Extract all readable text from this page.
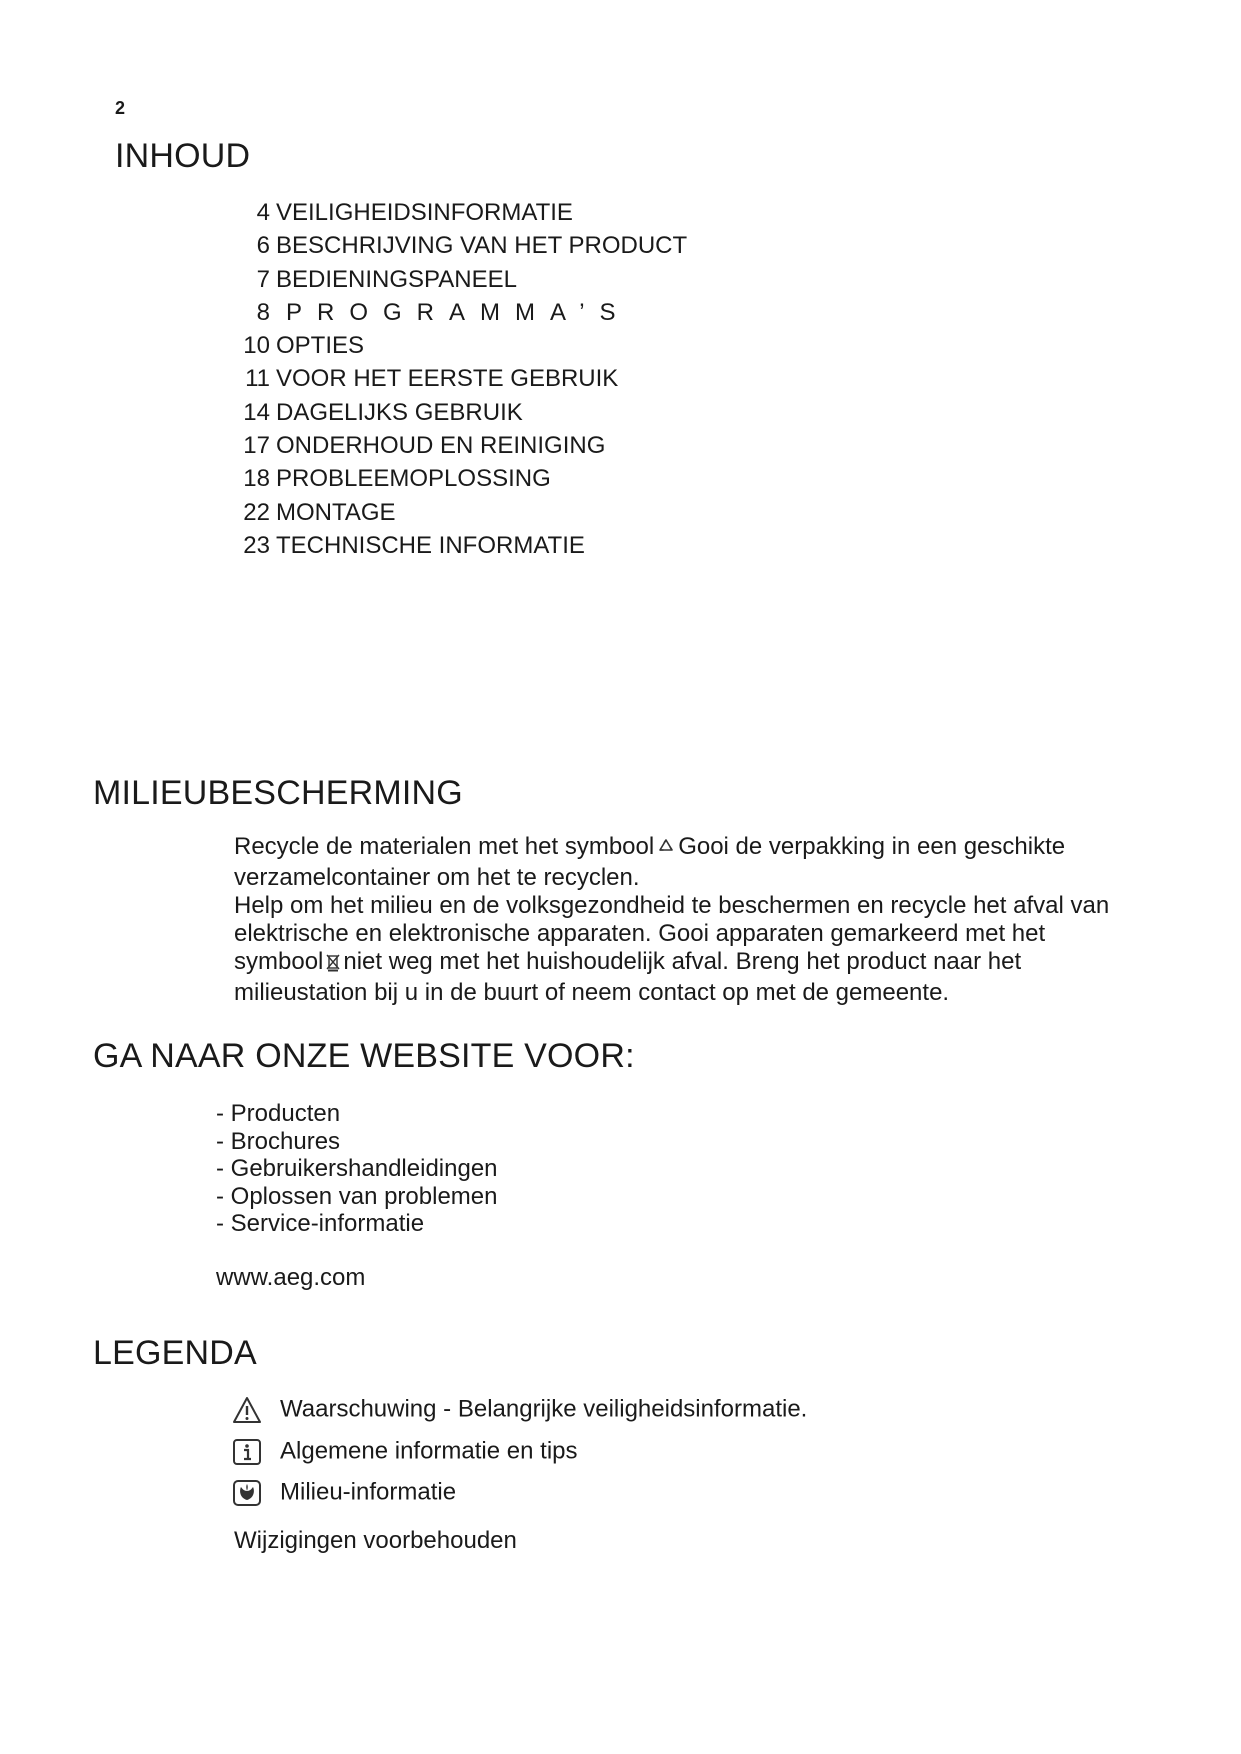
2
INHOUD
4 VEILIGHEIDSINFORMATIE
6 BESCHRIJVING VAN HET PRODUCT
7 BEDIENINGSPANEEL
8 PROGRAMMA’S
10 OPTIES
11 VOOR HET EERSTE GEBRUIK
14 DAGELIJKS GEBRUIK
17 ONDERHOUD EN REINIGING
18 PROBLEEMOPLOSSING
22 MONTAGE
23 TECHNISCHE INFORMATIE
MILIEUBESCHERMING

Recycle de materialen met het symbool Gooi de verpakking in een geschikte verzamelcontainer om het te recyclen.

Help om het milieu en de volksgezondheid te beschermen en recycle het afval van elektrische en elektronische apparaten. Gooi apparaten gemarkeerd met het symbool niet weg met het huishoudelijk afval. Breng het product naar het milieustation bij u in de buurt of neem contact op met de gemeente.

GA NAAR ONZE WEBSITE VOOR:
- Producten
- Brochures
- Gebruikershandleidingen
- Oplossen van problemen
- Service-informatie
www.aeg.com
LEGENDA
Waarschuwing - Belangrijke veiligheidsinformatie.
Algemene informatie en tips
Milieu-informatie
Wijzigingen voorbehouden
